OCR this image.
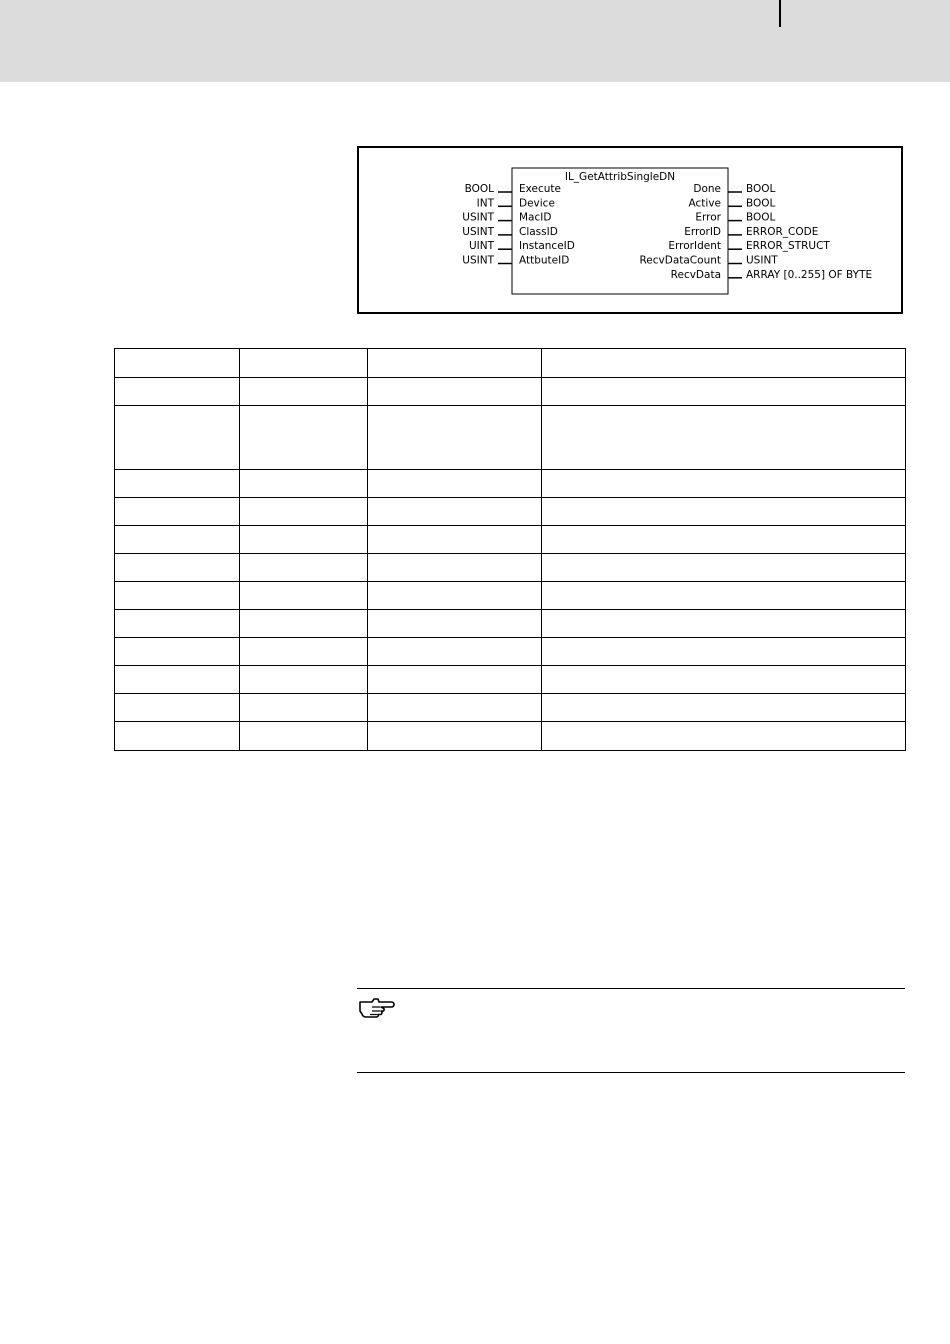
IL_GetAttribSingleDN
BOOL Execute
INT Device
USINT MacID
USINT ClassID
UINT InstanceID
USINT AttbuteID
Done BOOL
Active BOOL
Error BOOL
ErrorID ERROR_CODE
ErrorIdent ERROR_STRUCT
RecvDataCount USINT
RecvData ARRAY [0..255] OF BYTE
